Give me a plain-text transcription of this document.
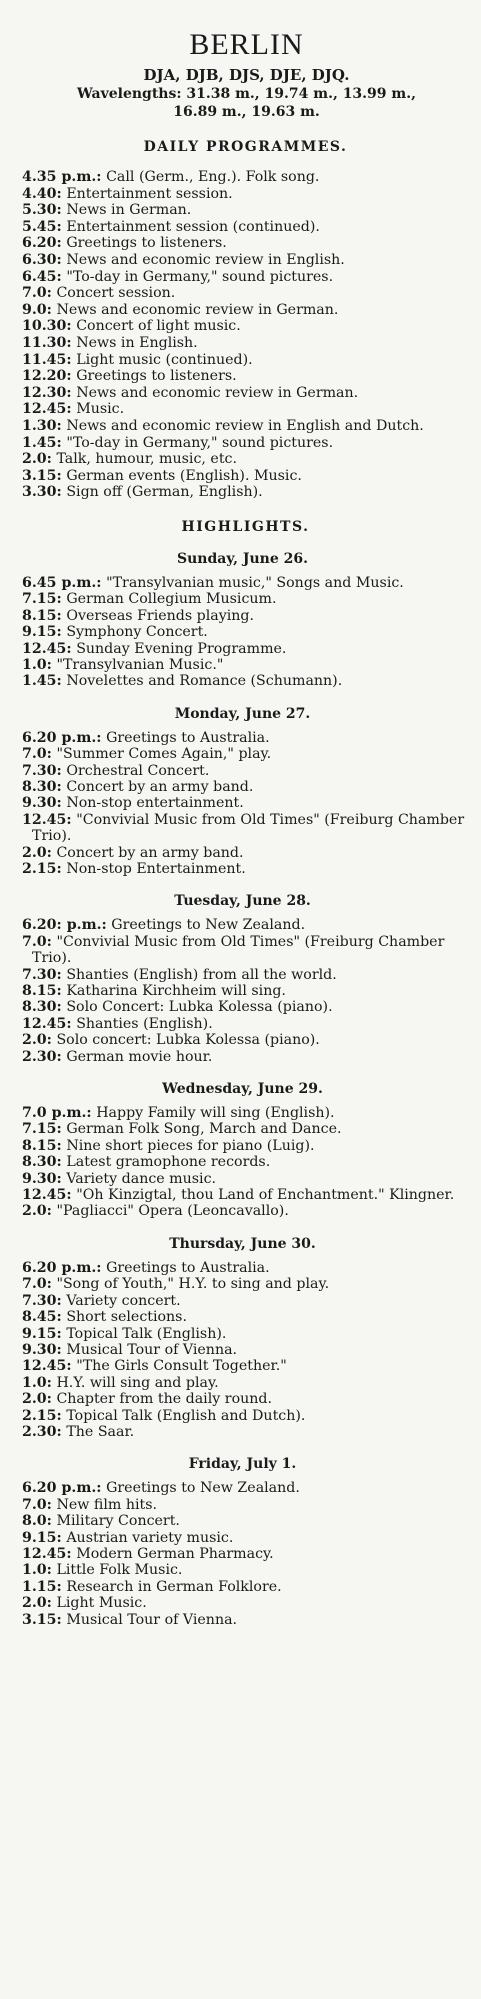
BERLIN
DJA, DJB, DJS, DJE, DJQ.
Wavelengths: 31.38 m., 19.74 m., 13.99 m.,
16.89 m., 19.63 m.
DAILY PROGRAMMES.

4.35 p.m.: Call (Germ., Eng.). Folk song.

4.40: Entertainment session.

5.30: News in German.

5.45: Entertainment session (continued).

6.20: Greetings to listeners.

6.30: News and economic review in English.

6.45: "To-day in Germany," sound pictures.

7.0: Concert session.

9.0: News and economic review in German.

10.30: Concert of light music.

11.30: News in English.

11.45: Light music (continued).

12.20: Greetings to listeners.

12.30: News and economic review in German.

12.45: Music.

1.30: News and economic review in English and Dutch.

1.45: "To-day in Germany," sound pictures.

2.0: Talk, humour, music, etc.

3.15: German events (English). Music.

3.30: Sign off (German, English).

HIGHLIGHTS.
Sunday, June 26.

6.45 p.m.: "Transylvanian music," Songs and Music.

7.15: German Collegium Musicum.

8.15: Overseas Friends playing.

9.15: Symphony Concert.

12.45: Sunday Evening Programme.

1.0: "Transylvanian Music."

1.45: Novelettes and Romance (Schumann).

Monday, June 27.

6.20 p.m.: Greetings to Australia.

7.0: "Summer Comes Again," play.

7.30: Orchestral Concert.

8.30: Concert by an army band.

9.30: Non-stop entertainment.

12.45: "Convivial Music from Old Times" (Freiburg Chamber Trio).

2.0: Concert by an army band.

2.15: Non-stop Entertainment.

Tuesday, June 28.

6.20: p.m.: Greetings to New Zealand.

7.0: "Convivial Music from Old Times" (Freiburg Chamber Trio).

7.30: Shanties (English) from all the world.

8.15: Katharina Kirchheim will sing.

8.30: Solo Concert: Lubka Kolessa (piano).

12.45: Shanties (English).

2.0: Solo concert: Lubka Kolessa (piano).

2.30: German movie hour.

Wednesday, June 29.

7.0 p.m.: Happy Family will sing (English).

7.15: German Folk Song, March and Dance.

8.15: Nine short pieces for piano (Luig).

8.30: Latest gramophone records.

9.30: Variety dance music.

12.45: "Oh Kinzigtal, thou Land of Enchantment." Klingner.

2.0: "Pagliacci" Opera (Leoncavallo).

Thursday, June 30.

6.20 p.m.: Greetings to Australia.

7.0: "Song of Youth," H.Y. to sing and play.

7.30: Variety concert.

8.45: Short selections.

9.15: Topical Talk (English).

9.30: Musical Tour of Vienna.

12.45: "The Girls Consult Together."

1.0: H.Y. will sing and play.

2.0: Chapter from the daily round.

2.15: Topical Talk (English and Dutch).

2.30: The Saar.

Friday, July 1.

6.20 p.m.: Greetings to New Zealand.

7.0: New film hits.

8.0: Military Concert.

9.15: Austrian variety music.

12.45: Modern German Pharmacy.

1.0: Little Folk Music.

1.15: Research in German Folklore.

2.0: Light Music.

3.15: Musical Tour of Vienna.
